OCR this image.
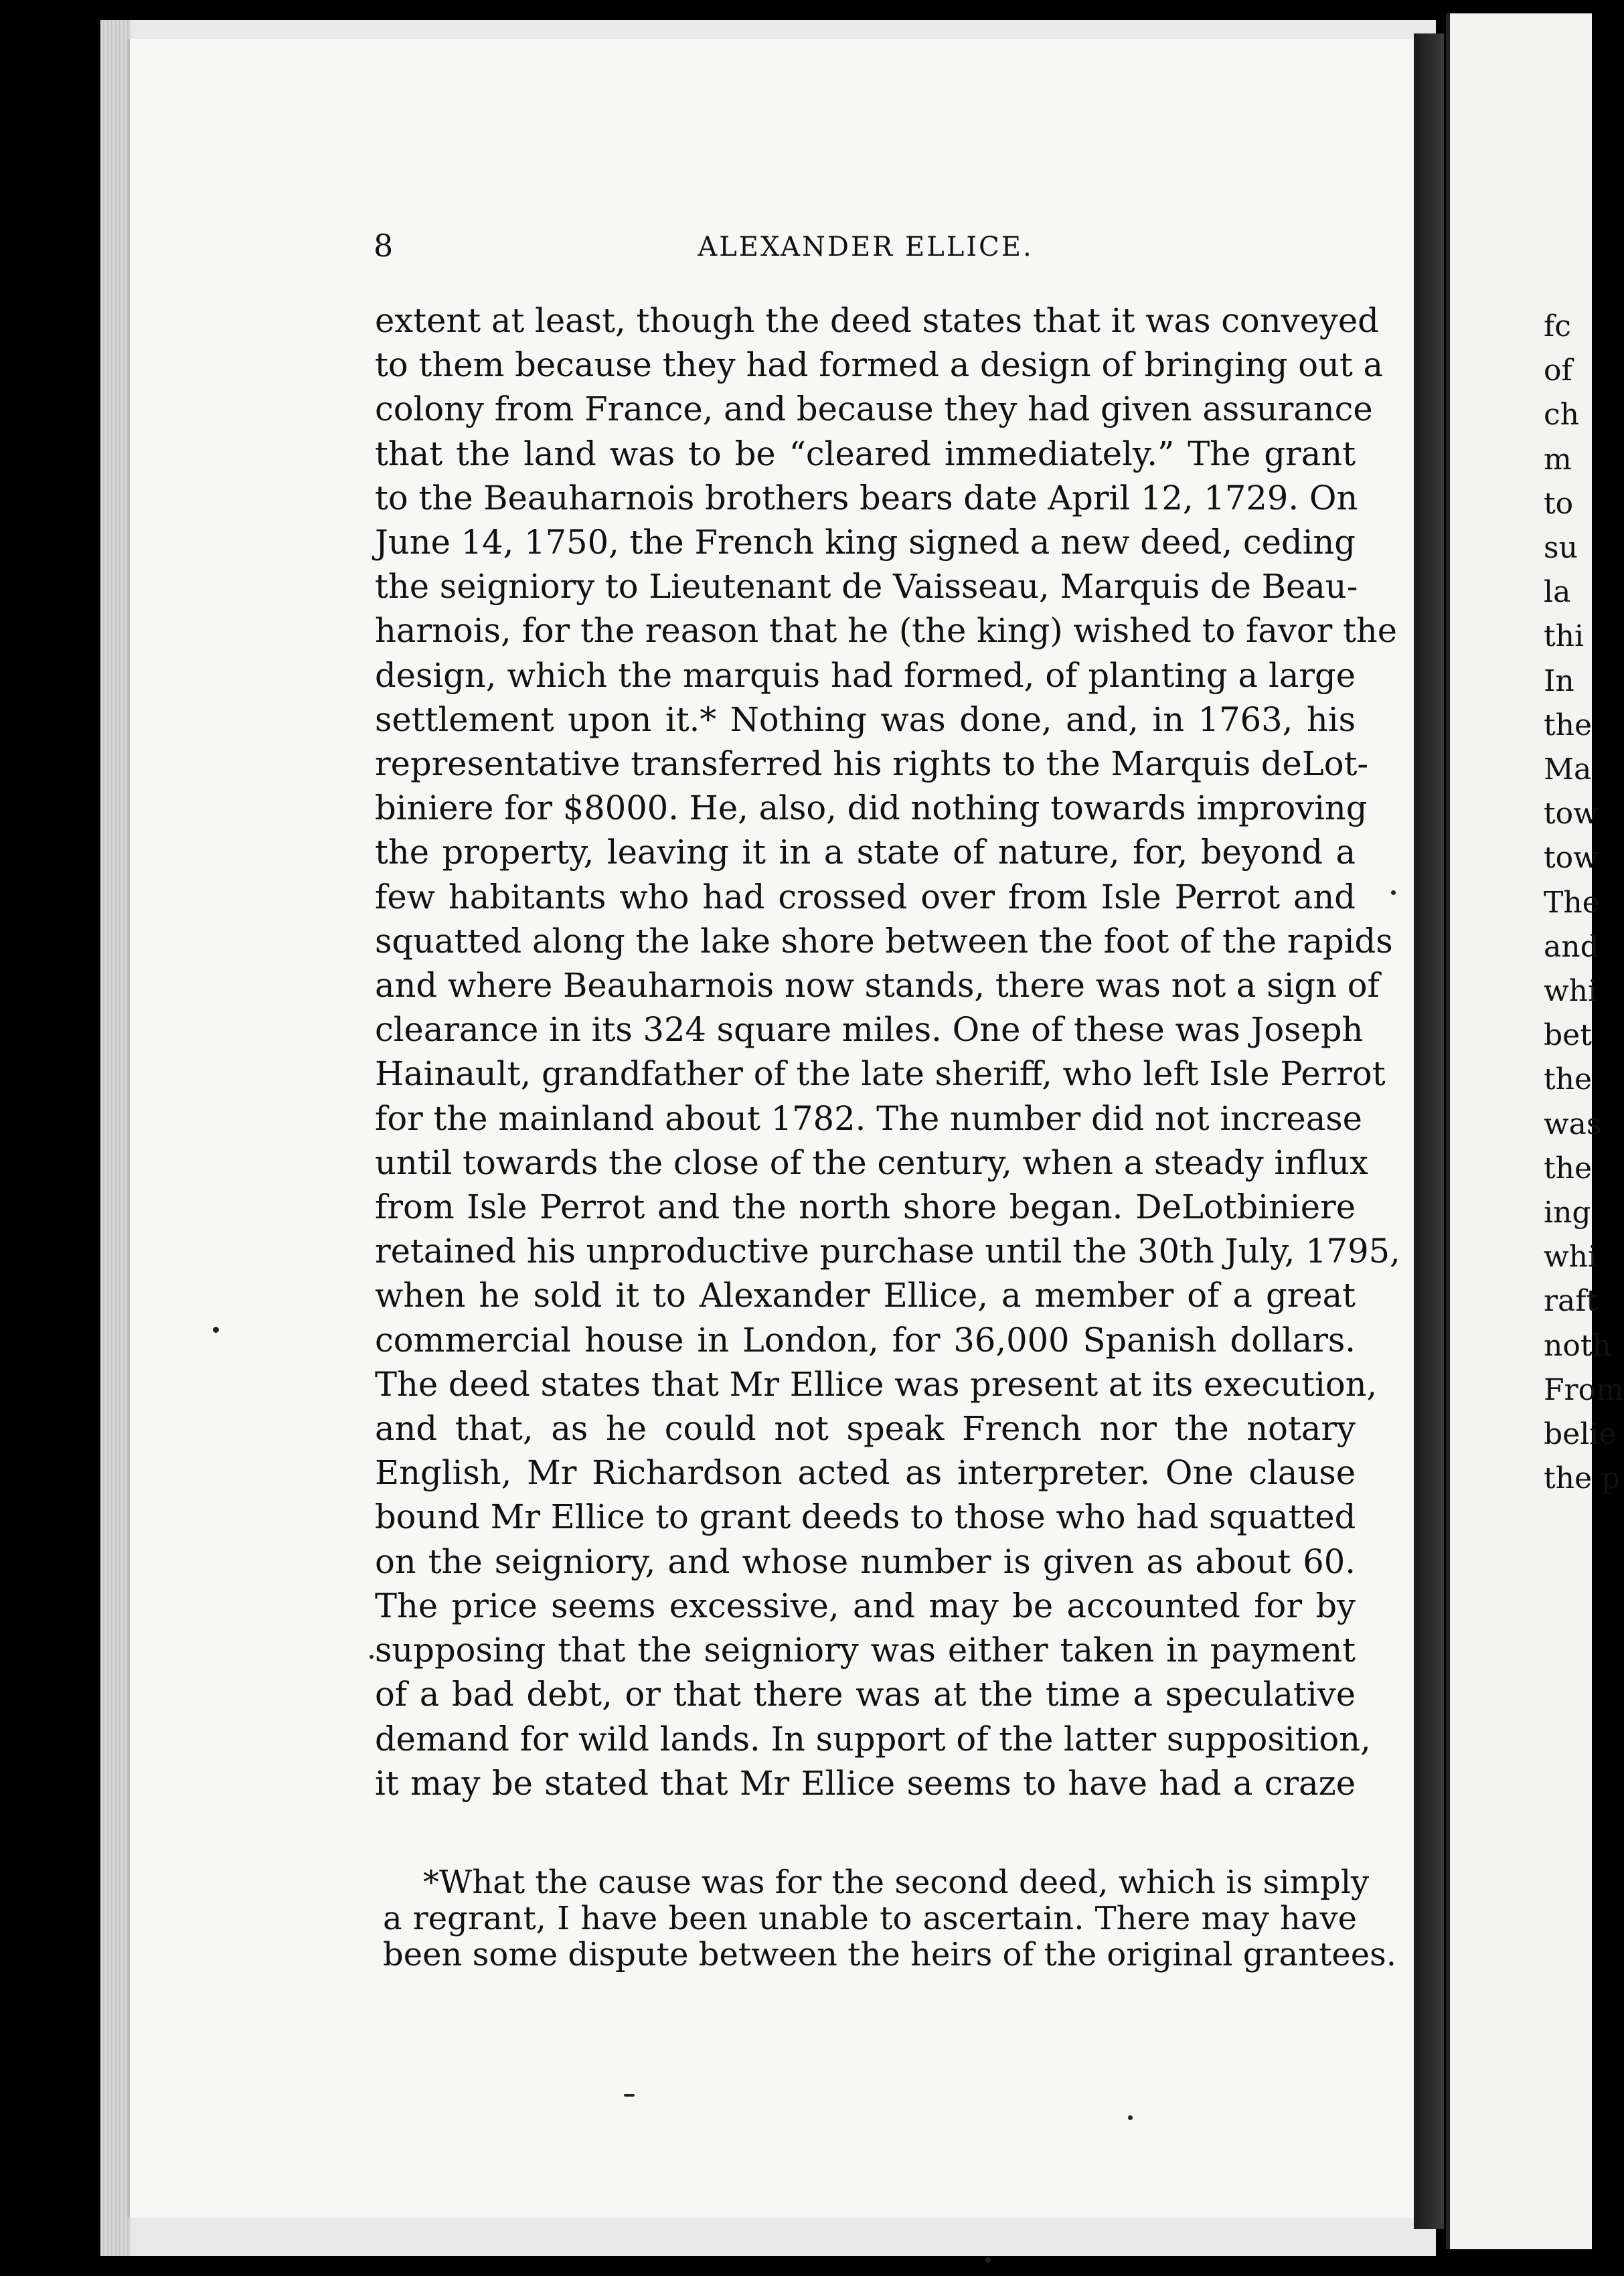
8	ALEXANDER ELLICE.
extent at least, though the deed states that it was conveyed
to them because they had formed a design of bringing out a
colony from France, and because they had given assurance
that the land was to be “cleared immediately.” The grant
to the Beauharnois brothers bears date April 12, 1729. On
June 14, 1750, the French king signed a new deed, ceding
the seigniory to Lieutenant de Vaisseau, Marquis de Beau-
harnois, for the reason that he (the king) wished to favor the
design, which the marquis had formed, of planting a large
settlement upon it.* Nothing was done, and, in 1763, his
representative transferred his rights to the Marquis deLot-
biniere for $8000. He, also, did nothing towards improving
the property, leaving it in a state of nature, for, beyond a
few habitants who had crossed over from Isle Perrot and
squatted along the lake shore between the foot of the rapids
and where Beauharnois now stands, there was not a sign of
clearance in its 324 square miles. One of these was Joseph
Hainault, grandfather of the late sheriff, who left Isle Perrot
for the mainland about 1782. The number did not increase
until towards the close of the century, when a steady influx
from Isle Perrot and the north shore began. DeLotbiniere
retained his unproductive purchase until the 30th July, 1795,
when he sold it to Alexander Ellice, a member of a great
commercial house in London, for 36,000 Spanish dollars.
The deed states that Mr Ellice was present at its execution,
and that, as he could not speak French nor the notary
English, Mr Richardson acted as interpreter. One clause
bound Mr Ellice to grant deeds to those who had squatted
on the seigniory, and whose number is given as about 60.
The price seems excessive, and may be accounted for by
supposing that the seigniory was either taken in payment
of a bad debt, or that there was at the time a speculative
demand for wild lands. In support of the latter supposition,
it may be stated that Mr Ellice seems to have had a craze
*What the cause was for the second deed, which is simply
a regrant, I have been unable to ascertain. There may have
been some dispute between the heirs of the original grantees.
fc
of
ch
m
to
su
la
thi
In
the
Ma
tow
tow
The
and
whi
bet
the
was
the
ing
whi
raft
noth
From
belie
the p
